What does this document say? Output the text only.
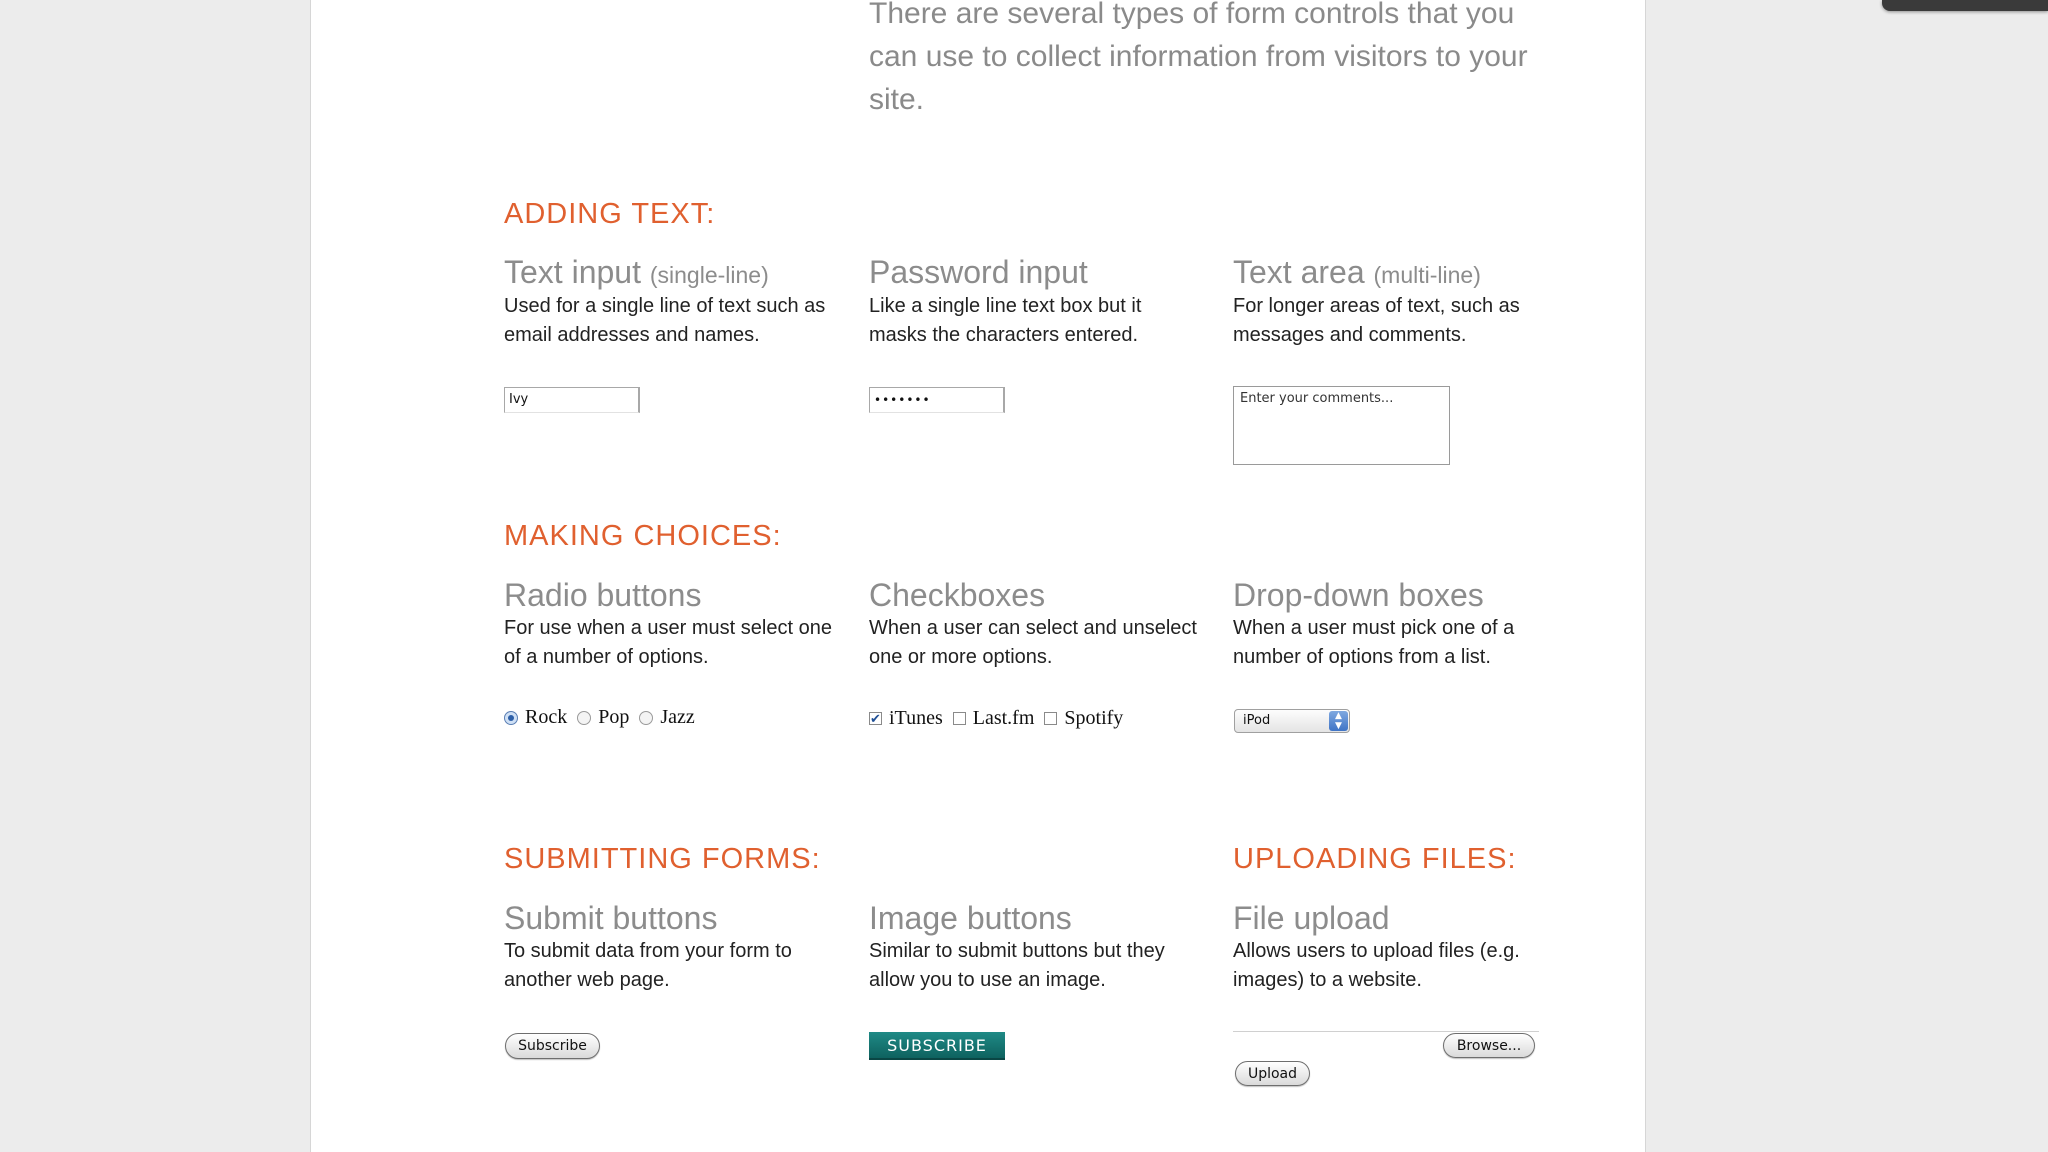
There are several types of form controls that you can use to collect information from visitors to your site.

ADDING TEXT:
Text input (single-line)

Used for a single line of text such as email addresses and names.

Ivy
Password input

Like a single line text box but it masks the characters entered.

•••••••
Text area (multi-line)

For longer areas of text, such as messages and comments.

Enter your comments...
MAKING CHOICES:
Radio buttons

For use when a user must select one of a number of options.

Rock Pop Jazz
Checkboxes

When a user can select and unselect one or more options.

✔ iTunes Last.fm Spotify
Drop-down boxes

When a user must pick one of a number of options from a list.

iPod	▲
▼
SUBMITTING FORMS:
Submit buttons

To submit data from your form to another web page.

Subscribe
Image buttons

Similar to submit buttons but they allow you to use an image.

SUBSCRIBE
UPLOADING FILES:
File upload

Allows users to upload files (e.g. images) to a website.

Browse...
Upload
